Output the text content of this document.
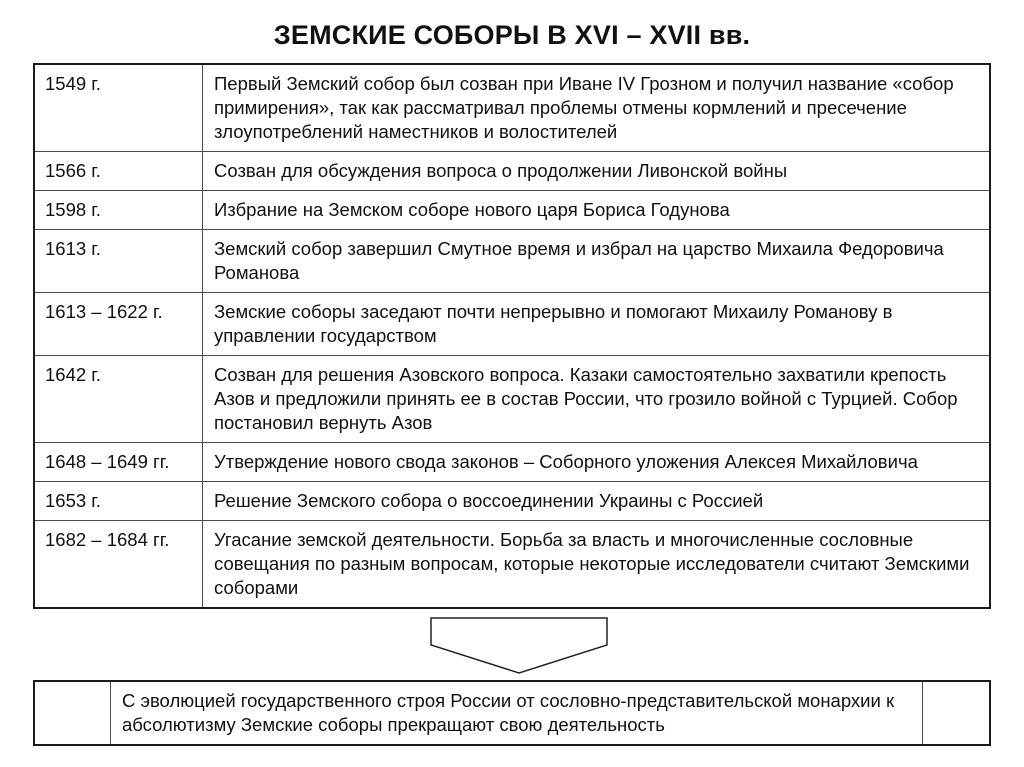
ЗЕМСКИЕ СОБОРЫ В XVI – XVII вв.
1549 г.	Первый Земский собор был созван при Иване IV Грозном и получил название «собор примирения», так как рассматривал проблемы отмены кормлений и пресечение злоупотреблений наместников и волостителей
1566 г.	Созван для обсуждения вопроса о продолжении Ливонской войны
1598 г.	Избрание на Земском соборе нового царя Бориса Годунова
1613 г.	Земский собор завершил Смутное время и избрал на царство Михаила Федоровича Романова
1613 – 1622 г.	Земские соборы заседают почти непрерывно и помогают Михаилу Романову в управлении государством
1642 г.	Созван для решения Азовского вопроса. Казаки самостоятельно захватили крепость Азов и предложили принять ее в состав России, что грозило войной с Турцией. Собор постановил вернуть Азов
1648 – 1649 гг.	Утверждение нового свода законов – Соборного уложения Алексея Михайловича
1653 г.	Решение Земского собора о воссоединении Украины с Россией
1682 – 1684 гг.	Угасание земской деятельности. Борьба за власть и многочисленные сословные совещания по разным вопросам, которые некоторые исследователи считают Земскими соборами
	С эволюцией государственного строя России от сословно-представительской монархии к абсолютизму Земские соборы прекращают свою деятельность	
